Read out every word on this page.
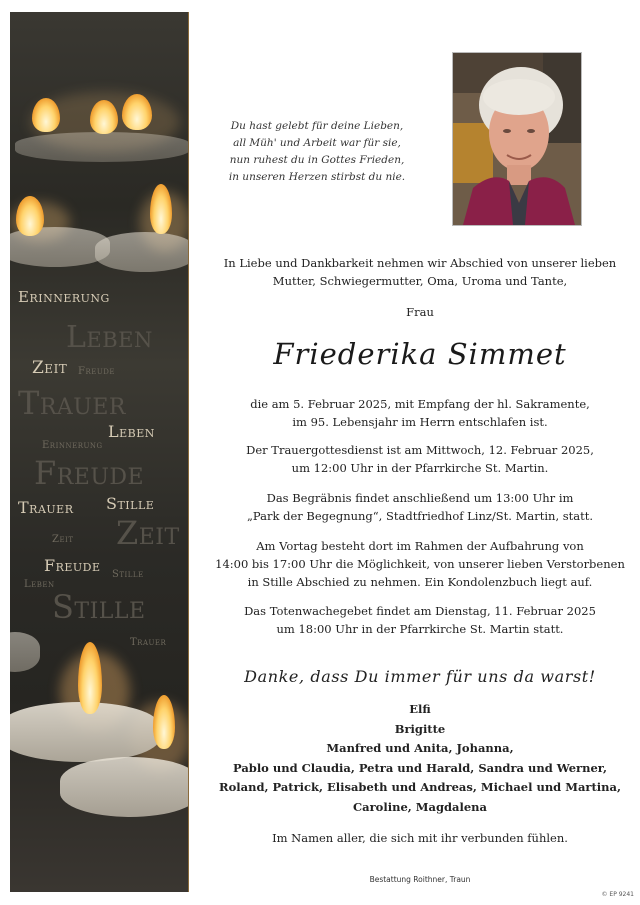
Erinnerung
Leben
Zeit Freude
Trauer
Leben
Erinnerung
Freude
Trauer Stille
Zeit
Zeit
Freude Stille
Leben
Stille
Trauer
Du hast gelebt für deine Lieben,
all Müh' und Arbeit war für sie,
nun ruhest du in Gottes Frieden,
in unseren Herzen stirbst du nie.
In Liebe und Dankbarkeit nehmen wir Abschied von unserer lieben
Mutter, Schwiegermutter, Oma, Uroma und Tante,
Frau
Friederika Simmet
die am 5. Februar 2025, mit Empfang der hl. Sakramente,
im 95. Lebensjahr im Herrn entschlafen ist.
Der Trauergottesdienst ist am Mittwoch, 12. Februar 2025,
um 12:00 Uhr in der Pfarrkirche St. Martin.
Das Begräbnis findet anschließend um 13:00 Uhr im
„Park der Begegnung“, Stadtfriedhof Linz/St. Martin, statt.
Am Vortag besteht dort im Rahmen der Aufbahrung von
14:00 bis 17:00 Uhr die Möglichkeit, von unserer lieben Verstorbenen
in Stille Abschied zu nehmen. Ein Kondolenzbuch liegt auf.
Das Totenwachegebet findet am Dienstag, 11. Februar 2025
um 18:00 Uhr in der Pfarrkirche St. Martin statt.
Danke, dass Du immer für uns da warst!
Elfi
Brigitte
Manfred und Anita, Johanna,
Pablo und Claudia, Petra und Harald, Sandra und Werner,
Roland, Patrick, Elisabeth und Andreas, Michael und Martina,
Caroline, Magdalena
Im Namen aller, die sich mit ihr verbunden fühlen.
Bestattung Roithner, Traun
© EP 9241
